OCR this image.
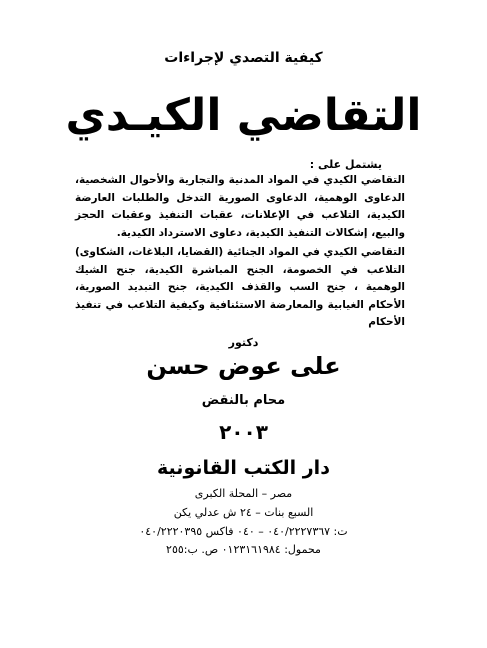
كيفية التصدي لإجراءات
التقاضي الكيـدي
يشتمل على :
التقاضي الكيدي في المواد المدنية والتجارية والأحوال الشخصية، الدعاوى الوهمية، الدعاوى الصورية التدخل والطلبات العارضة الكيدية، التلاعب في الإعلانات، عقبات التنفيذ وعقبات الحجز والبيع، إشكالات التنفيذ الكيدية، دعاوى الاسترداد الكيدية.
التقاضي الكيدي في المواد الجنائية (القضايا، البلاغات، الشكاوى) التلاعب في الخصومة، الجنح المباشرة الكيدية، جنح الشيك الوهمية ، جنح السب والقذف الكيدية، جنح التبديد الصورية، الأحكام الغيابية والمعارضة الاستئنافية وكيفية التلاعب في تنفيذ الأحكام
دكتور
على عوض حسن
محام بالنقض
٢٠٠٣
دار الكتب القانونية
مصر – المحلة الكبرى
السبع بنات – ٢٤ ش عدلي يكن
ت: ٠٤٠/٢٢٢٧٣٦٧ – ٠٤٠ فاكس ٠٤٠/٢٢٢٠٣٩٥
محمول: ٠١٢٣١٦١٩٨٤ ص. ب:٢٥٥
